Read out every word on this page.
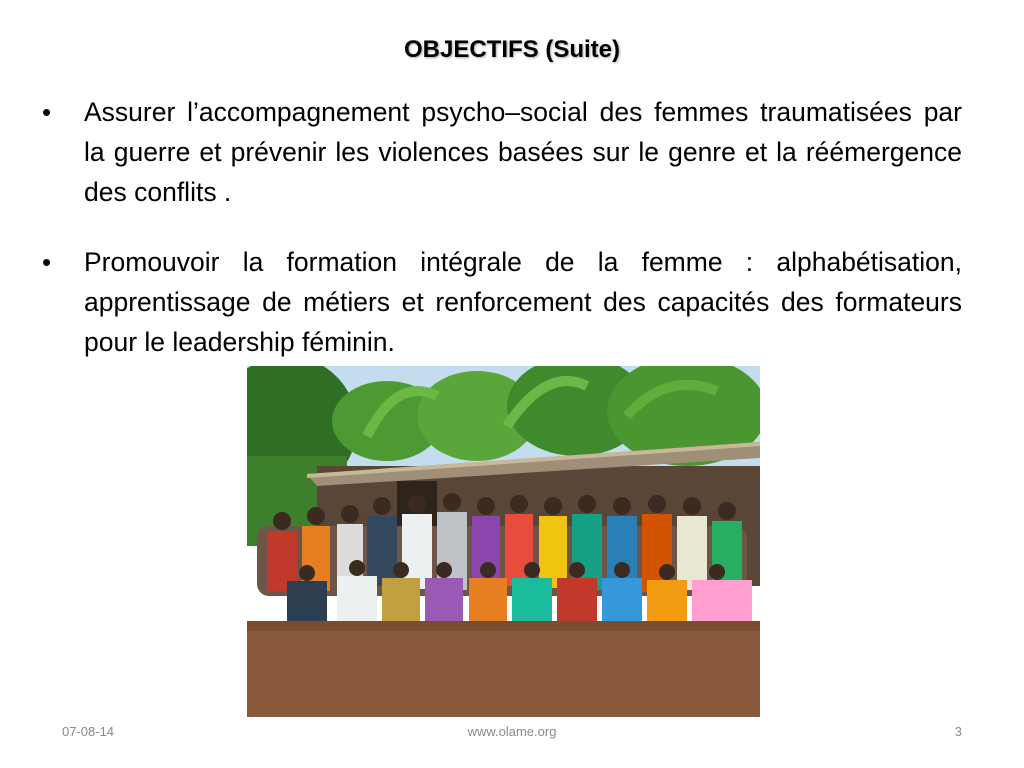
OBJECTIFS (Suite)
• Assurer l’accompagnement psycho–social des femmes traumatisées par la guerre et prévenir les violences basées sur le genre et la réémergence des conflits .
• Promouvoir la formation intégrale de la femme : alphabétisation, apprentissage de métiers et renforcement des capacités des formateurs pour le leadership féminin.
07-08-14	www.olame.org	3
